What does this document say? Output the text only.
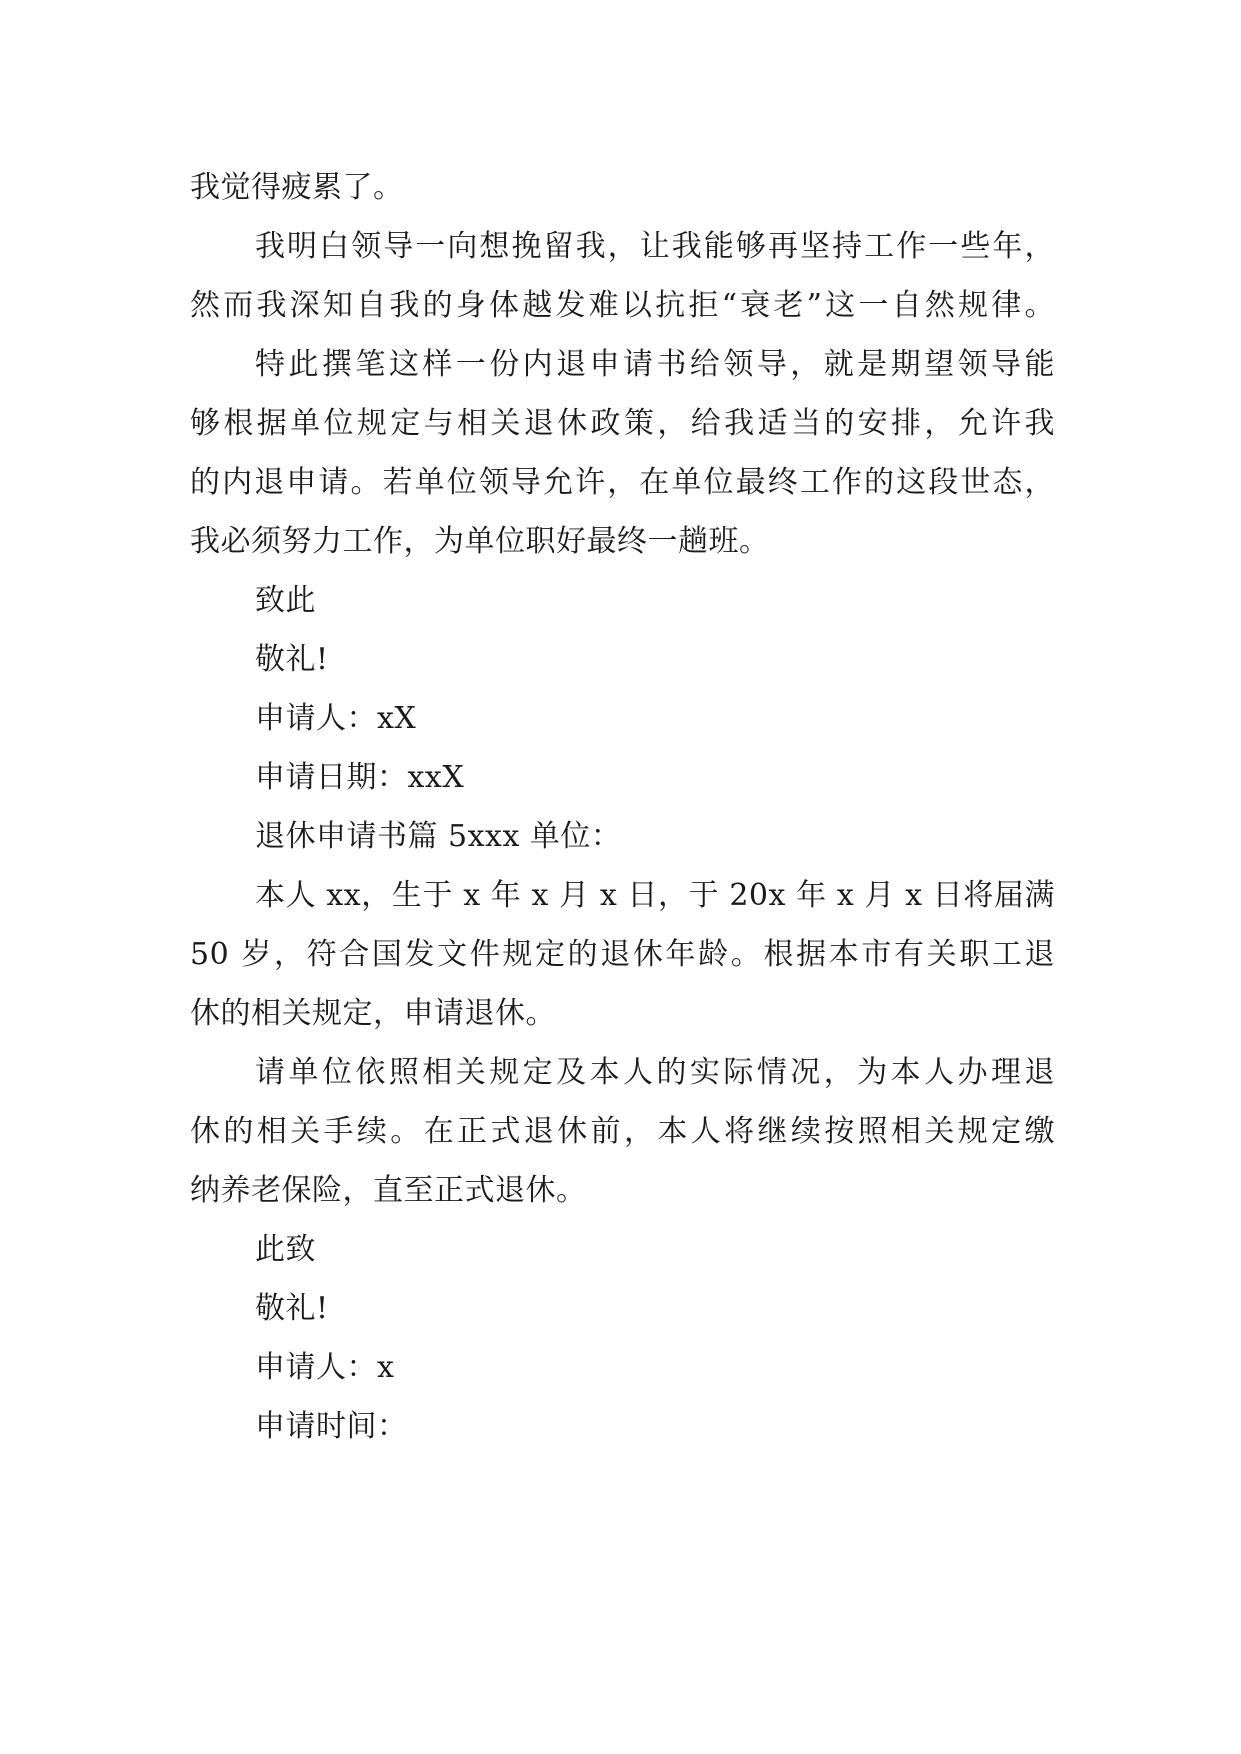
我觉得疲累了。
我明白领导一向想挽留我，让我能够再坚持工作一些年，
然而我深知自我的身体越发难以抗拒“衰老”这一自然规律。
特此撰笔这样一份内退申请书给领导，就是期望领导能
够根据单位规定与相关退休政策，给我适当的安排，允许我
的内退申请。若单位领导允许，在单位最终工作的这段世态，
我必须努力工作，为单位职好最终一趟班。
致此
敬礼!
申请人：xX
申请日期：xxX
退休申请书篇 5xxx 单位：
本人 xx，生于 x 年 x 月 x 日，于 20x 年 x 月 x 日将届满
50 岁，符合国发文件规定的退休年龄。根据本市有关职工退
休的相关规定，申请退休。
请单位依照相关规定及本人的实际情况，为本人办理退
休的相关手续。在正式退休前，本人将继续按照相关规定缴
纳养老保险，直至正式退休。
此致
敬礼!
申请人：x
申请时间：
